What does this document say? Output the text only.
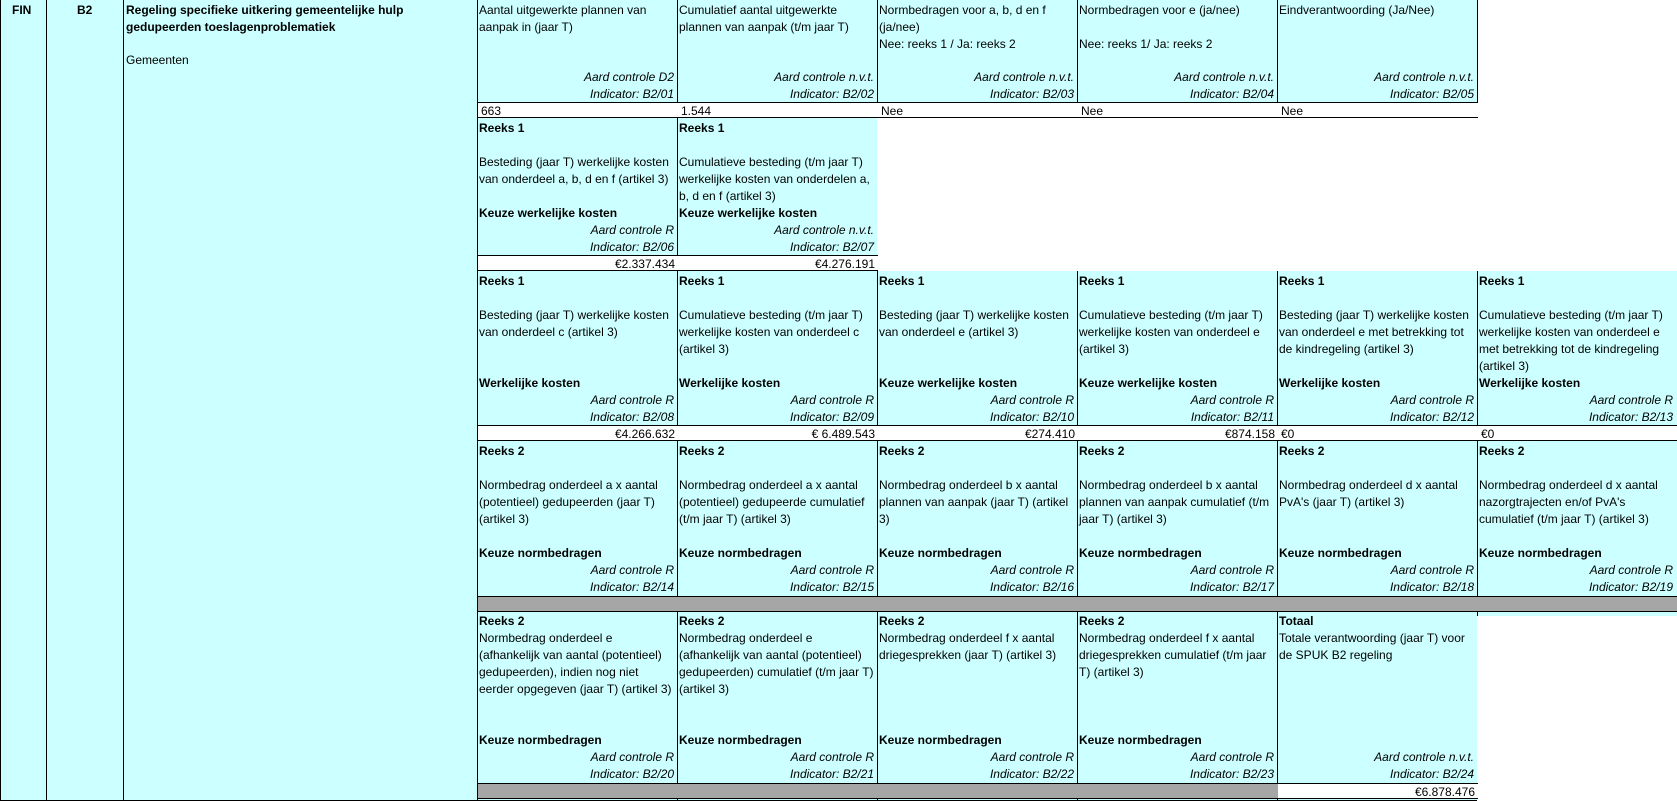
FIN	B2	Regeling specifieke uitkering gemeentelijke hulp gedupeerden toeslagenproblematiek
Gemeenten
Aantal uitgewerkte plannen van aanpak in (jaar T)
Aard controle D2
Indicator: B2/01
663
Cumulatief aantal uitgewerkte plannen van aanpak (t/m jaar T)
Aard controle n.v.t.
Indicator: B2/02
1.544
Normbedragen voor a, b, d en f (ja/nee)
Nee: reeks 1 / Ja: reeks 2
Aard controle n.v.t.
Indicator: B2/03
Nee
Normbedragen voor e (ja/nee)
Nee: reeks 1/ Ja: reeks 2
Aard controle n.v.t.
Indicator: B2/04
Nee
Eindverantwoording (Ja/Nee)
Aard controle n.v.t.
Indicator: B2/05
Nee
Reeks 1
Besteding (jaar T) werkelijke kosten van onderdeel a, b, d en f (artikel 3)
Keuze werkelijke kosten
Aard controle R
Indicator: B2/06
€2.337.434
Reeks 1
Cumulatieve besteding (t/m jaar T) werkelijke kosten van onderdelen a, b, d en f (artikel 3)
Keuze werkelijke kosten
Aard controle n.v.t.
Indicator: B2/07
€4.276.191
Reeks 1
Besteding (jaar T) werkelijke kosten van onderdeel c (artikel 3)
Werkelijke kosten
Aard controle R
Indicator: B2/08
€4.266.632
Reeks 1
Cumulatieve besteding (t/m jaar T) werkelijke kosten van onderdeel c (artikel 3)
Werkelijke kosten
Aard controle R
Indicator: B2/09
€ 6.489.543
Reeks 1
Besteding (jaar T) werkelijke kosten van onderdeel e (artikel 3)
Keuze werkelijke kosten
Aard controle R
Indicator: B2/10
€274.410
Reeks 1
Cumulatieve besteding (t/m jaar T) werkelijke kosten van onderdeel e (artikel 3)
Keuze werkelijke kosten
Aard controle R
Indicator: B2/11
€874.158
Reeks 1
Besteding (jaar T) werkelijke kosten van onderdeel e met betrekking tot de kindregeling (artikel 3)
Werkelijke kosten
Aard controle R
Indicator: B2/12
€0
Reeks 1
Cumulatieve besteding (t/m jaar T) werkelijke kosten van onderdeel e met betrekking tot de kindregeling (artikel 3)
Werkelijke kosten
Aard controle R
Indicator: B2/13
€0
Reeks 2
Normbedrag onderdeel a x aantal (potentieel) gedupeerden (jaar T) (artikel 3)
Keuze normbedragen
Aard controle R
Indicator: B2/14
Reeks 2
Normbedrag onderdeel a x aantal (potentieel) gedupeerde cumulatief (t/m jaar T) (artikel 3)
Keuze normbedragen
Aard controle R
Indicator: B2/15
Reeks 2
Normbedrag onderdeel b x aantal plannen van aanpak (jaar T) (artikel 3)
Keuze normbedragen
Aard controle R
Indicator: B2/16
Reeks 2
Normbedrag onderdeel b x aantal plannen van aanpak cumulatief (t/m jaar T) (artikel 3)
Keuze normbedragen
Aard controle R
Indicator: B2/17
Reeks 2
Normbedrag onderdeel d x aantal PvA's (jaar T) (artikel 3)
Keuze normbedragen
Aard controle R
Indicator: B2/18
Reeks 2
Normbedrag onderdeel d x aantal nazorgtrajecten en/of PvA's cumulatief (t/m jaar T) (artikel 3)
Keuze normbedragen
Aard controle R
Indicator: B2/19
Reeks 2
Normbedrag onderdeel e (afhankelijk van aantal (potentieel) gedupeerden), indien nog niet eerder opgegeven (jaar T) (artikel 3)
Keuze normbedragen
Aard controle R
Indicator: B2/20
Reeks 2
Normbedrag onderdeel e (afhankelijk van aantal (potentieel) gedupeerden) cumulatief (t/m jaar T) (artikel 3)
Keuze normbedragen
Aard controle R
Indicator: B2/21
Reeks 2
Normbedrag onderdeel f x aantal driegesprekken (jaar T) (artikel 3)
Keuze normbedragen
Aard controle R
Indicator: B2/22
Reeks 2
Normbedrag onderdeel f x aantal driegesprekken cumulatief (t/m jaar T) (artikel 3)
Keuze normbedragen
Aard controle R
Indicator: B2/23
Totaal
Totale verantwoording (jaar T) voor de SPUK B2 regeling
Aard controle n.v.t.
Indicator: B2/24
€6.878.476
